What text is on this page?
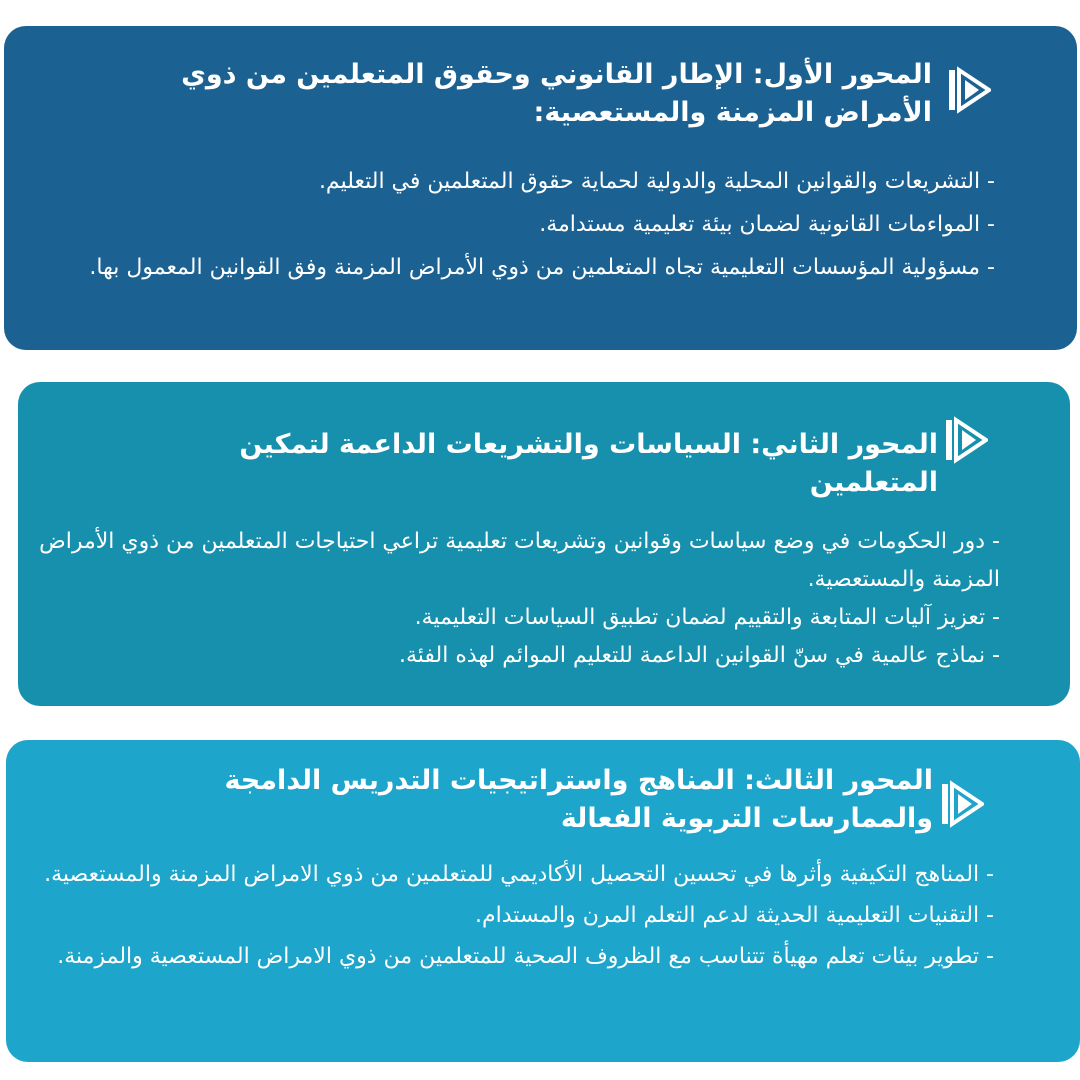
المحور الأول: الإطار القانوني وحقوق المتعلمين من ذوي الأمراض المزمنة والمستعصية:
- التشريعات والقوانين المحلية والدولية لحماية حقوق المتعلمين في التعليم.
- المواءمات القانونية لضمان بيئة تعليمية مستدامة.
- مسؤولية المؤسسات التعليمية تجاه المتعلمين من ذوي الأمراض المزمنة وفق القوانين المعمول بها.
المحور الثاني: السياسات والتشريعات الداعمة لتمكين المتعلمين
- دور الحكومات في وضع سياسات وقوانين وتشريعات تعليمية تراعي احتياجات المتعلمين من ذوي الأمراض المزمنة والمستعصية.
- تعزيز آليات المتابعة والتقييم لضمان تطبيق السياسات التعليمية.
- نماذج عالمية في سنّ القوانين الداعمة للتعليم الموائم لهذه الفئة.
المحور الثالث: المناهج واستراتيجيات التدريس الدامجة والممارسات التربوية الفعالة
- المناهج التكيفية وأثرها في تحسين التحصيل الأكاديمي للمتعلمين من ذوي الامراض المزمنة والمستعصية.
- التقنيات التعليمية الحديثة لدعم التعلم المرن والمستدام.
- تطوير بيئات تعلم مهيأة تتناسب مع الظروف الصحية للمتعلمين من ذوي الامراض المستعصية والمزمنة.
